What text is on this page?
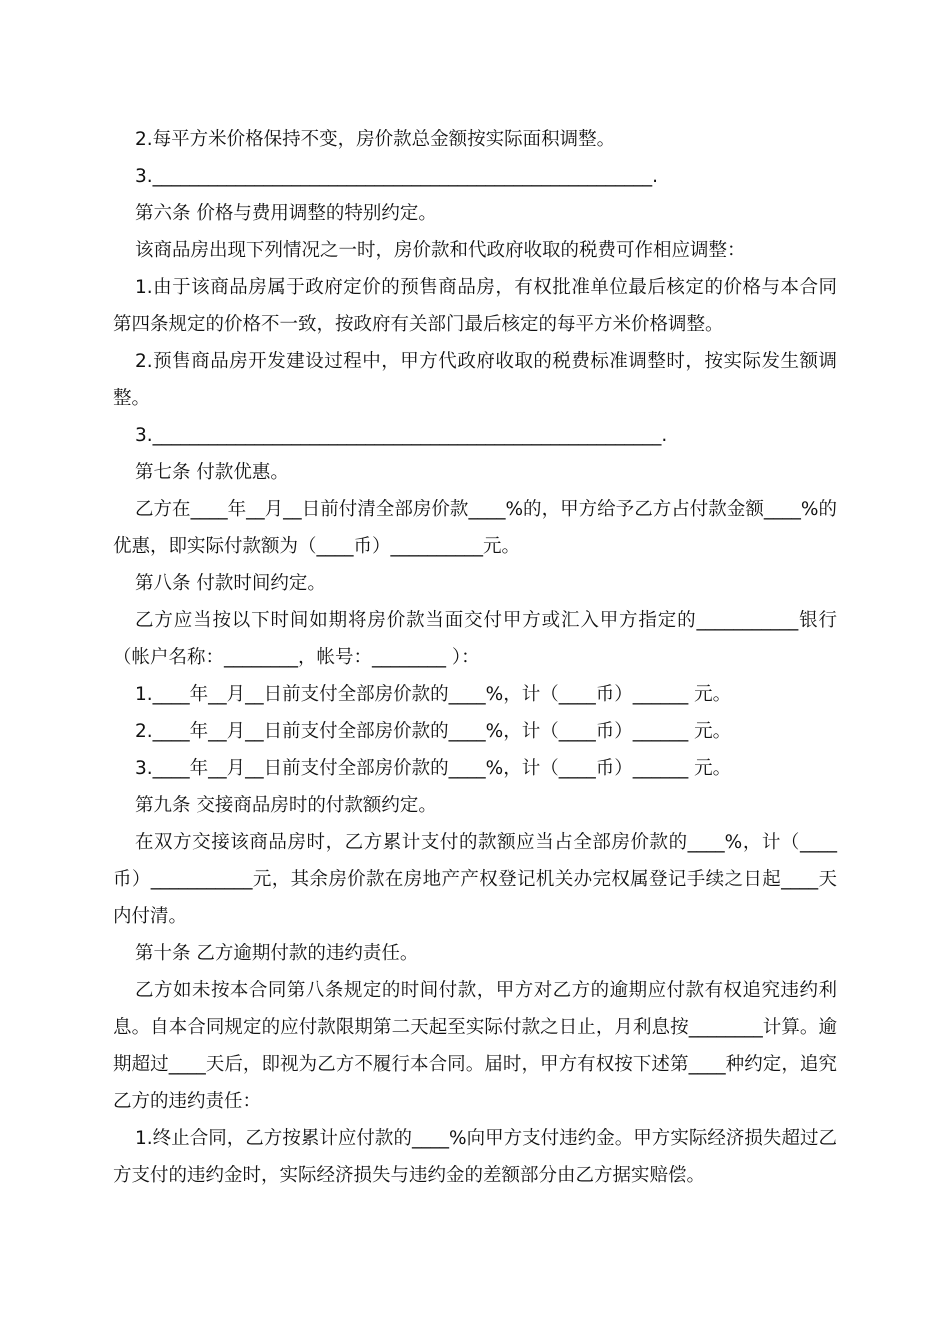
2.每平方米价格保持不变，房价款总金额按实际面积调整。

3.______________________________________________________.

第六条 价格与费用调整的特别约定。

该商品房出现下列情况之一时，房价款和代政府收取的税费可作相应调整：

1.由于该商品房属于政府定价的预售商品房，有权批准单位最后核定的价格与本合同第四条规定的价格不一致，按政府有关部门最后核定的每平方米价格调整。

2.预售商品房开发建设过程中，甲方代政府收取的税费标准调整时，按实际发生额调整。

3._______________________________________________________.

第七条 付款优惠。

乙方在____年__月__日前付清全部房价款____%的，甲方给予乙方占付款金额____%的优惠，即实际付款额为（____币）__________元。

第八条 付款时间约定。

乙方应当按以下时间如期将房价款当面交付甲方或汇入甲方指定的___________银行（帐户名称：________，帐号：________ ）：

1.____年__月__日前支付全部房价款的____%，计（____币）______ 元。

2.____年__月__日前支付全部房价款的____%，计（____币）______ 元。

3.____年__月__日前支付全部房价款的____%，计（____币）______ 元。

第九条 交接商品房时的付款额约定。

在双方交接该商品房时，乙方累计支付的款额应当占全部房价款的____%，计（____币）___________元，其余房价款在房地产产权登记机关办完权属登记手续之日起____天内付清。

第十条 乙方逾期付款的违约责任。

乙方如未按本合同第八条规定的时间付款，甲方对乙方的逾期应付款有权追究违约利息。自本合同规定的应付款限期第二天起至实际付款之日止，月利息按________计算。逾期超过____天后，即视为乙方不履行本合同。届时，甲方有权按下述第____种约定，追究乙方的违约责任：

1.终止合同，乙方按累计应付款的____%向甲方支付违约金。甲方实际经济损失超过乙方支付的违约金时，实际经济损失与违约金的差额部分由乙方据实赔偿。
